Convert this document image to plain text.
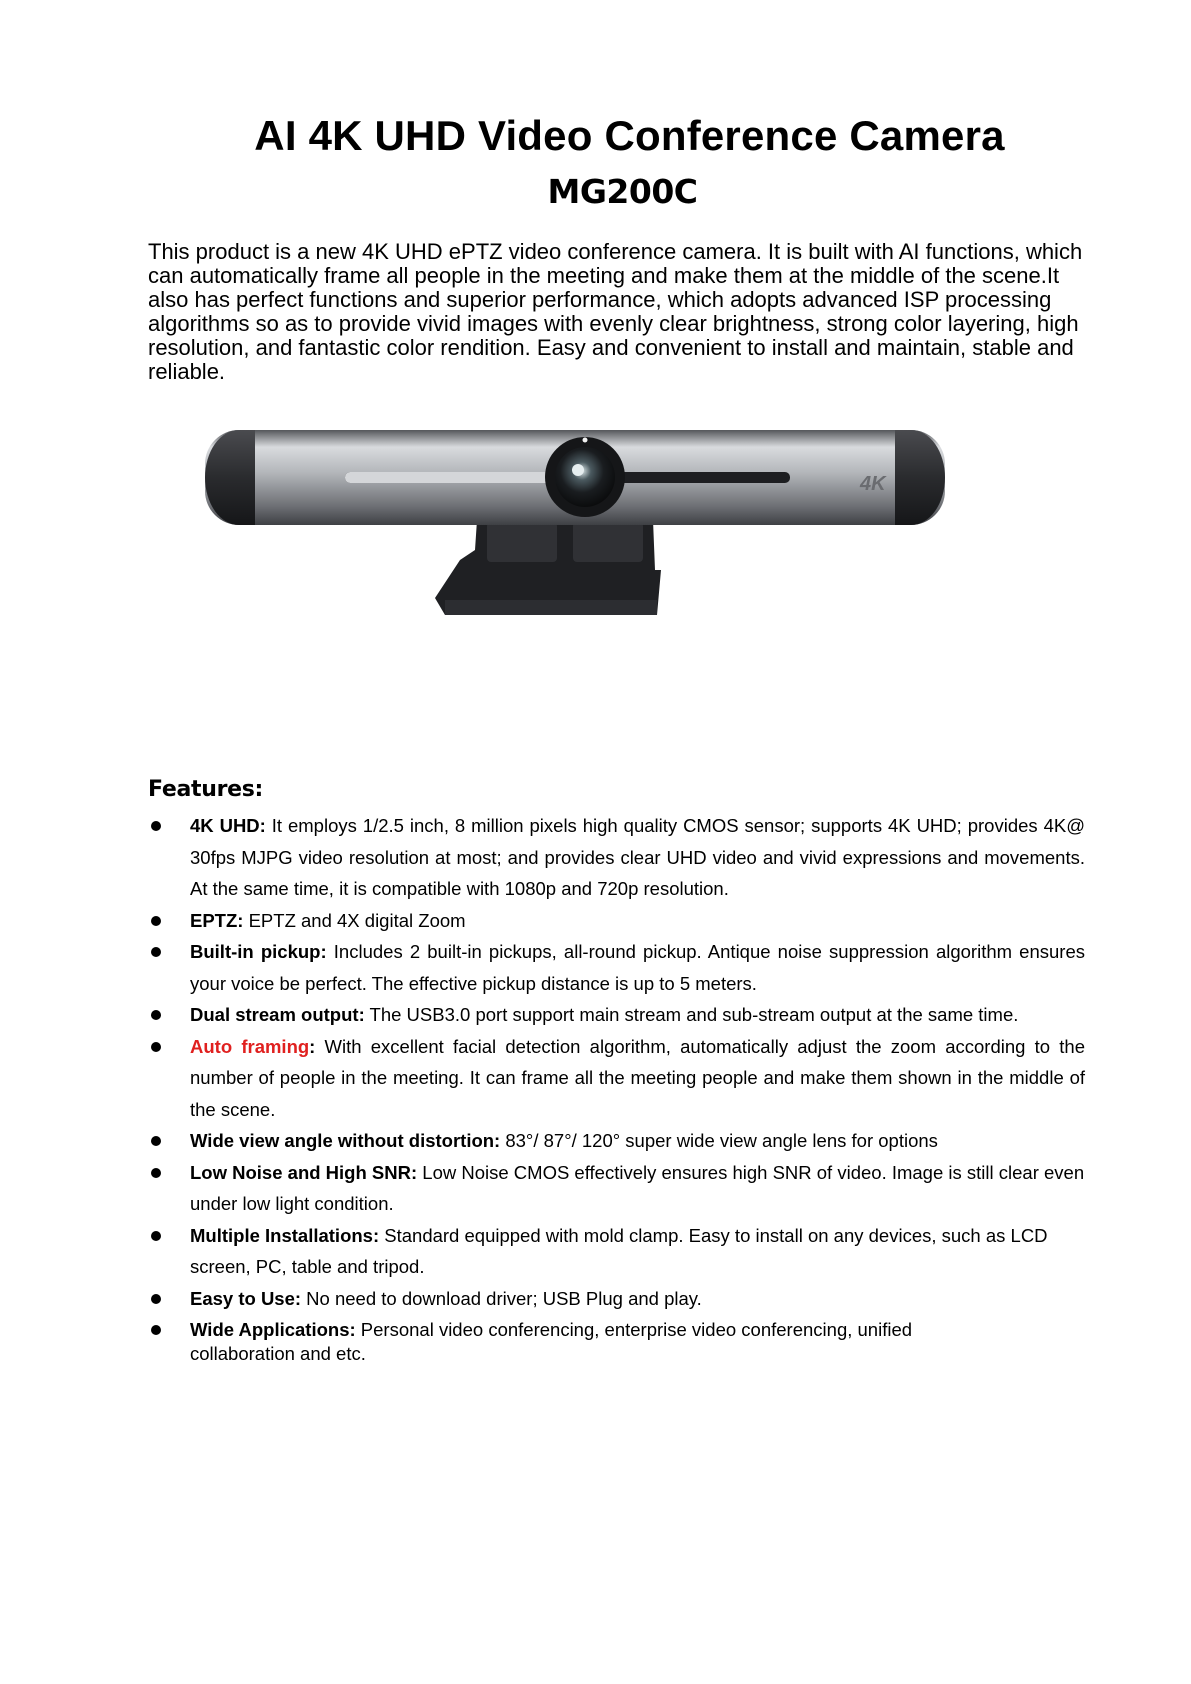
AI 4K UHD Video Conference Camera
MG200C

This product is a new 4K UHD ePTZ video conference camera. It is built with AI functions, which can automatically frame all people in the meeting and make them at the middle of the scene.It also has perfect functions and superior performance, which adopts advanced ISP processing algorithms so as to provide vivid images with evenly clear brightness, strong color layering, high resolution, and fantastic color rendition. Easy and convenient to install and maintain, stable and reliable.

4K
Features:
4K UHD: It employs 1/2.5 inch, 8 million pixels high quality CMOS sensor; supports 4K UHD; provides 4K@ 30fps MJPG video resolution at most; and provides clear UHD video and vivid expressions and movements. At the same time, it is compatible with 1080p and 720p resolution.
EPTZ: EPTZ and 4X digital Zoom
Built-in pickup: Includes 2 built-in pickups, all-round pickup. Antique noise suppression algorithm ensures your voice be perfect. The effective pickup distance is up to 5 meters.
Dual stream output: The USB3.0 port support main stream and sub-stream output at the same time.
Auto framing: With excellent facial detection algorithm, automatically adjust the zoom according to the number of people in the meeting. It can frame all the meeting people and make them shown in the middle of the scene.
Wide view angle without distortion: 83°/ 87°/ 120° super wide view angle lens for options
Low Noise and High SNR: Low Noise CMOS effectively ensures high SNR of video. Image is still clear even under low light condition.
Multiple Installations: Standard equipped with mold clamp. Easy to install on any devices, such as LCD screen, PC, table and tripod.
Easy to Use: No need to download driver; USB Plug and play.
Wide Applications: Personal video conferencing, enterprise video conferencing, unified collaboration and etc.
